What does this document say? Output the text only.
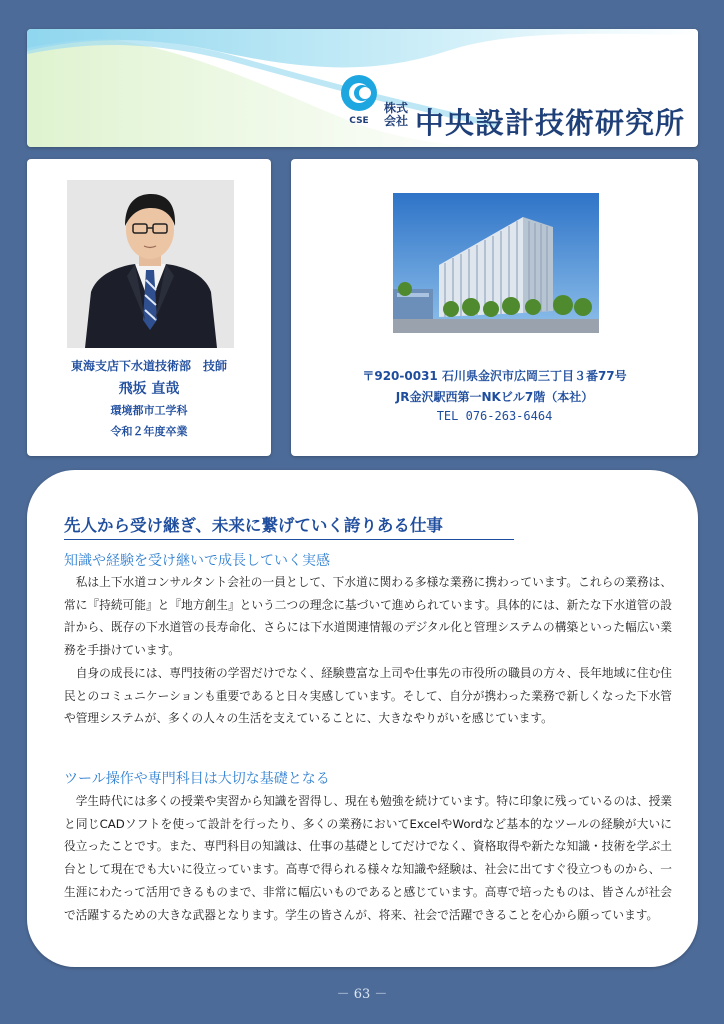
CSE
株式
会社 中央設計技術研究所
東海支店下水道技術部　技師
飛坂 直哉
環境都市工学科
令和２年度卒業
〒920-0031 石川県金沢市広岡三丁目３番77号
JR金沢駅西第一NKビル7階（本社）
TEL 076-263-6464
先人から受け継ぎ、未来に繋げていく誇りある仕事
知識や経験を受け継いで成長していく実感

私は上下水道コンサルタント会社の一員として、下水道に関わる多様な業務に携わっています。これらの業務は、常に『持続可能』と『地方創生』という二つの理念に基づいて進められています。具体的には、新たな下水道管の設計から、既存の下水道管の長寿命化、さらには下水道関連情報のデジタル化と管理システムの構築といった幅広い業務を手掛けています。

自身の成長には、専門技術の学習だけでなく、経験豊富な上司や仕事先の市役所の職員の方々、長年地域に住む住民とのコミュニケーションも重要であると日々実感しています。そして、自分が携わった業務で新しくなった下水管や管理システムが、多くの人々の生活を支えていることに、大きなやりがいを感じています。

ツール操作や専門科目は大切な基礎となる

学生時代には多くの授業や実習から知識を習得し、現在も勉強を続けています。特に印象に残っているのは、授業と同じCADソフトを使って設計を行ったり、多くの業務においてExcelやWordなど基本的なツールの経験が大いに役立ったことです。また、専門科目の知識は、仕事の基礎としてだけでなく、資格取得や新たな知識・技術を学ぶ土台として現在でも大いに役立っています。高専で得られる様々な知識や経験は、社会に出てすぐ役立つものから、一生涯にわたって活用できるものまで、非常に幅広いものであると感じています。高専で培ったものは、皆さんが社会で活躍するための大きな武器となります。学生の皆さんが、将来、社会で活躍できることを心から願っています。

－ 63 －
